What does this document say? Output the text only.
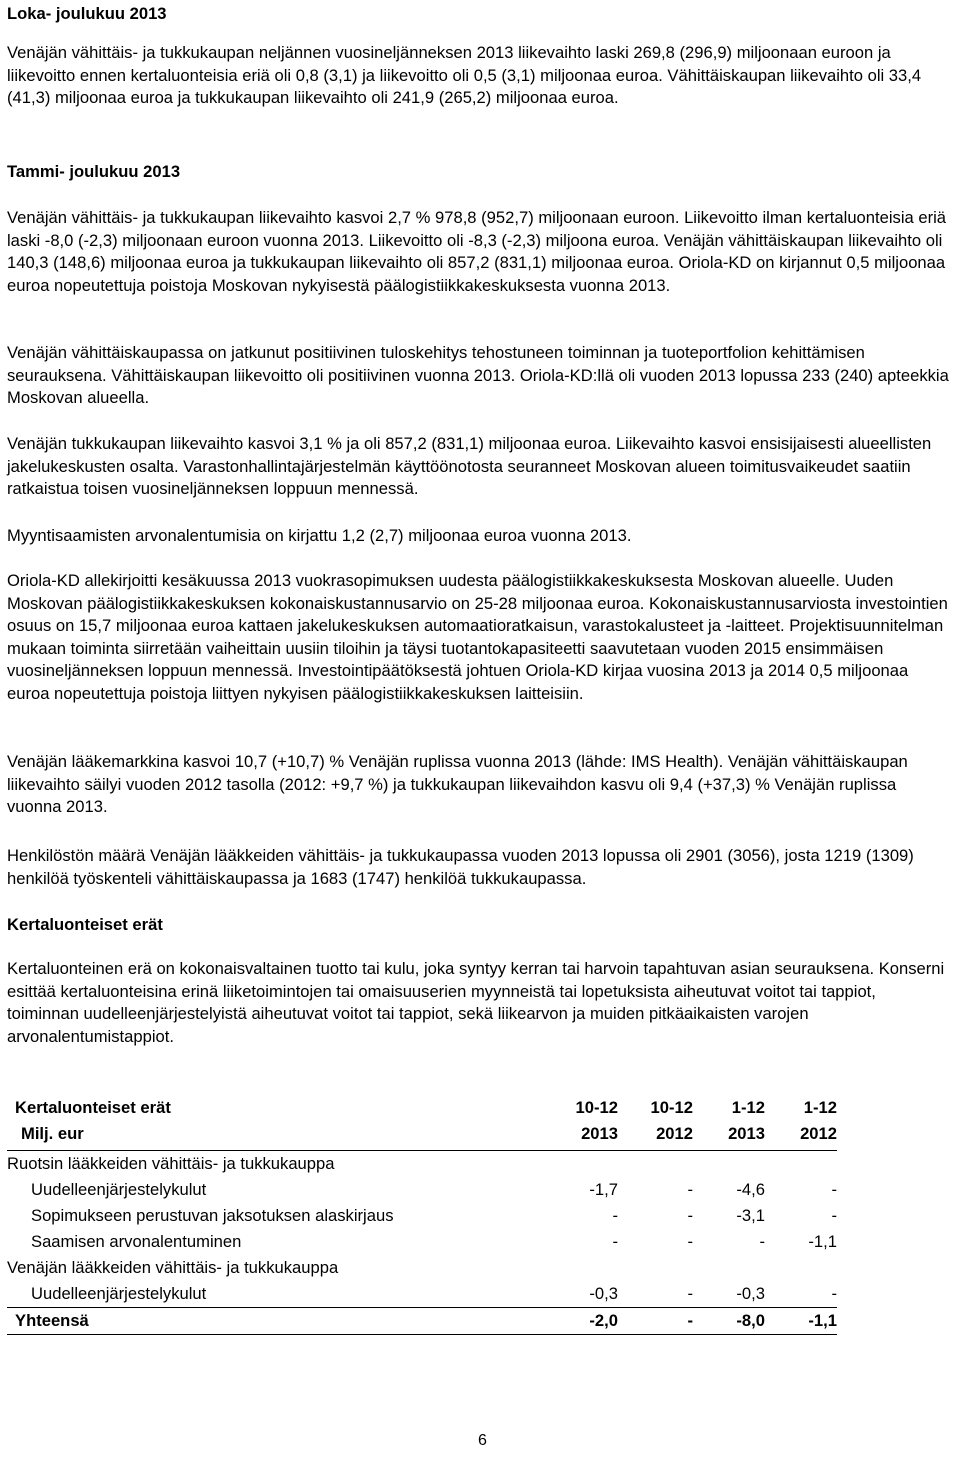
Loka- joulukuu 2013

Venäjän vähittäis- ja tukkukaupan neljännen vuosineljänneksen 2013 liikevaihto laski 269,8 (296,9) miljoonaan euroon ja liikevoitto ennen kertaluonteisia eriä oli 0,8 (3,1) ja liikevoitto oli 0,5 (3,1) miljoonaa euroa. Vähittäiskaupan liikevaihto oli 33,4 (41,3) miljoonaa euroa ja tukkukaupan liikevaihto oli 241,9 (265,2) miljoonaa euroa.

Tammi- joulukuu 2013

Venäjän vähittäis- ja tukkukaupan liikevaihto kasvoi 2,7 % 978,8 (952,7) miljoonaan euroon. Liikevoitto ilman kertaluonteisia eriä laski -8,0 (-2,3) miljoonaan euroon vuonna 2013. Liikevoitto oli -8,3 (-2,3) miljoona euroa. Venäjän vähittäiskaupan liikevaihto oli 140,3 (148,6) miljoonaa euroa ja tukkukaupan liikevaihto oli 857,2 (831,1) miljoonaa euroa. Oriola-KD on kirjannut 0,5 miljoonaa euroa nopeutettuja poistoja Moskovan nykyisestä päälogistiikkakeskuksesta vuonna 2013.

Venäjän vähittäiskaupassa on jatkunut positiivinen tuloskehitys tehostuneen toiminnan ja tuoteportfolion kehittämisen seurauksena. Vähittäiskaupan liikevoitto oli positiivinen vuonna 2013. Oriola-KD:llä oli vuoden 2013 lopussa 233 (240) apteekkia Moskovan alueella.

Venäjän tukkukaupan liikevaihto kasvoi 3,1 % ja oli 857,2 (831,1) miljoonaa euroa. Liikevaihto kasvoi ensisijaisesti alueellisten jakelukeskusten osalta. Varastonhallintajärjestelmän käyttöönotosta seuranneet Moskovan alueen toimitusvaikeudet saatiin ratkaistua toisen vuosineljänneksen loppuun mennessä.

Myyntisaamisten arvonalentumisia on kirjattu 1,2 (2,7) miljoonaa euroa vuonna 2013.

Oriola-KD allekirjoitti kesäkuussa 2013 vuokrasopimuksen uudesta päälogistiikkakeskuksesta Moskovan alueelle. Uuden Moskovan päälogistiikkakeskuksen kokonaiskustannusarvio on 25-28 miljoonaa euroa. Kokonaiskustannusarviosta investointien osuus on 15,7 miljoonaa euroa kattaen jakelukeskuksen automaatioratkaisun, varastokalusteet ja -laitteet. Projektisuunnitelman mukaan toiminta siirretään vaiheittain uusiin tiloihin ja täysi tuotantokapasiteetti saavutetaan vuoden 2015 ensimmäisen vuosineljänneksen loppuun mennessä. Investointipäätöksestä johtuen Oriola-KD kirjaa vuosina 2013 ja 2014 0,5 miljoonaa euroa nopeutettuja poistoja liittyen nykyisen päälogistiikkakeskuksen laitteisiin.

Venäjän lääkemarkkina kasvoi 10,7 (+10,7) % Venäjän ruplissa vuonna 2013 (lähde: IMS Health). Venäjän vähittäiskaupan liikevaihto säilyi vuoden 2012 tasolla (2012: +9,7 %) ja tukkukaupan liikevaihdon kasvu oli 9,4 (+37,3) % Venäjän ruplissa vuonna 2013.

Henkilöstön määrä Venäjän lääkkeiden vähittäis- ja tukkukaupassa vuoden 2013 lopussa oli 2901 (3056), josta 1219 (1309) henkilöä työskenteli vähittäiskaupassa ja 1683 (1747) henkilöä tukkukaupassa.

Kertaluonteiset erät

Kertaluonteinen erä on kokonaisvaltainen tuotto tai kulu, joka syntyy kerran tai harvoin tapahtuvan asian seurauksena. Konserni esittää kertaluonteisina erinä liiketoimintojen tai omaisuuserien myynneistä tai lopetuksista aiheutuvat voitot tai tappiot, toiminnan uudelleenjärjestelyistä aiheutuvat voitot tai tappiot, sekä liikearvon ja muiden pitkäaikaisten varojen arvonalentumistappiot.

Kertaluonteiset erät	10-12	10-12	1-12	1-12
Milj. eur	2013	2012	2013	2012
Ruotsin lääkkeiden vähittäis- ja tukkukauppa				
Uudelleenjärjestelykulut	-1,7	-	-4,6	-
Sopimukseen perustuvan jaksotuksen alaskirjaus	-	-	-3,1	-
Saamisen arvonalentuminen	-	-	-	-1,1
Venäjän lääkkeiden vähittäis- ja tukkukauppa				
Uudelleenjärjestelykulut	-0,3	-	-0,3	-
Yhteensä	-2,0	-	-8,0	-1,1
6
